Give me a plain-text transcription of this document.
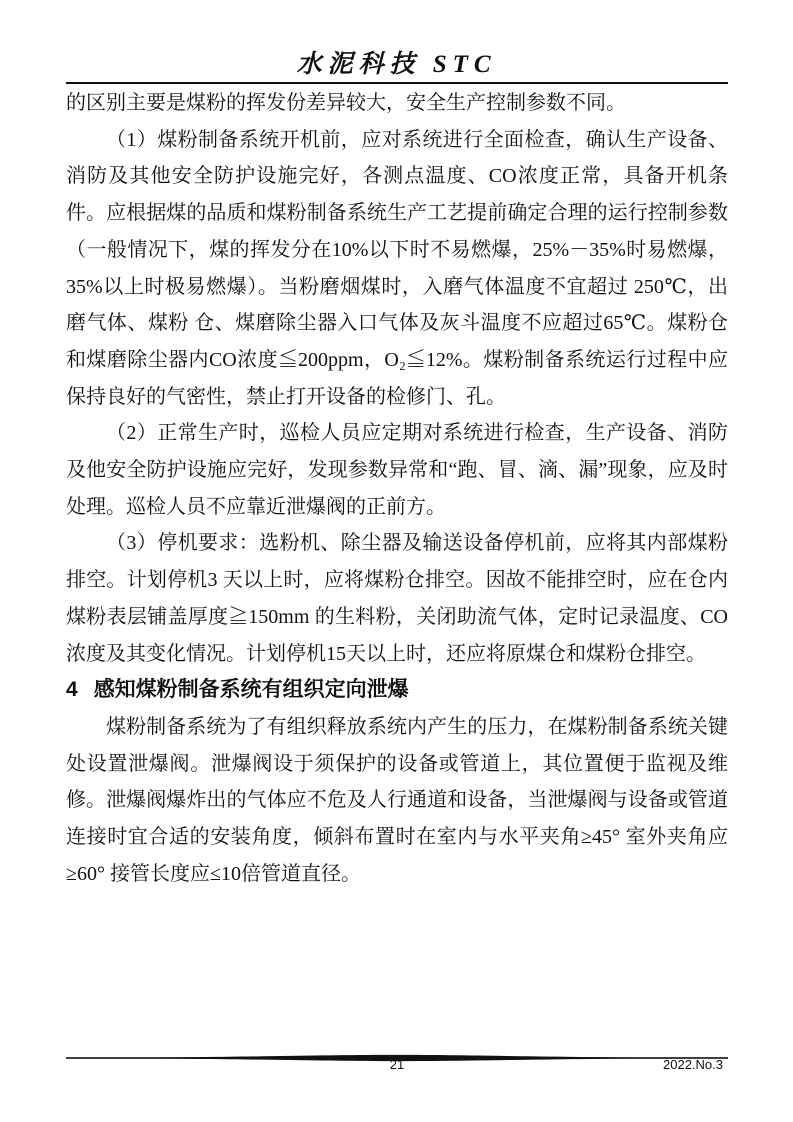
水泥科技 STC

的区别主要是煤粉的挥发份差异较大，安全生产控制参数不同。

（1）煤粉制备系统开机前，应对系统进行全面检查，确认生产设备、 消防及其他安全防护设施完好，各测点温度、CO浓度正常，具备开机条件。应根据煤的品质和煤粉制备系统生产工艺提前确定合理的运行控制参数（一般情况下，煤的挥发分在10%以下时不易燃爆，25%－35%时易燃爆，35%以上时极易燃爆）。当粉磨烟煤时，入磨气体温度不宜超过 250℃，出磨气体、煤粉 仓、煤磨除尘器入口气体及灰斗温度不应超过65℃。煤粉仓和煤磨除尘器内CO浓度≦200ppm，O₂≦12%。煤粉制备系统运行过程中应保持良好的气密性，禁止打开设备的检修门、孔。

（2）正常生产时，巡检人员应定期对系统进行检查，生产设备、消防及他安全防护设施应完好，发现参数异常和“跑、冒、滴、漏”现象，应及时处理。巡检人员不应靠近泄爆阀的正前方。

（3）停机要求：选粉机、除尘器及输送设备停机前，应将其内部煤粉排空。计划停机3 天以上时，应将煤粉仓排空。因故不能排空时，应在仓内煤粉表层铺盖厚度≧150mm 的生料粉，关闭助流气体，定时记录温度、CO浓度及其变化情况。计划停机15天以上时，还应将原煤仓和煤粉仓排空。

4 感知煤粉制备系统有组织定向泄爆

煤粉制备系统为了有组织释放系统内产生的压力，在煤粉制备系统关键处设置泄爆阀。泄爆阀设于须保护的设备或管道上，其位置便于监视及维修。泄爆阀爆炸出的气体应不危及人行通道和设备，当泄爆阀与设备或管道连接时宜合适的安装角度，倾斜布置时在室内与水平夹角≥45° 室外夹角应≥60° 接管长度应≤10倍管道直径。

21	2022.No.3
